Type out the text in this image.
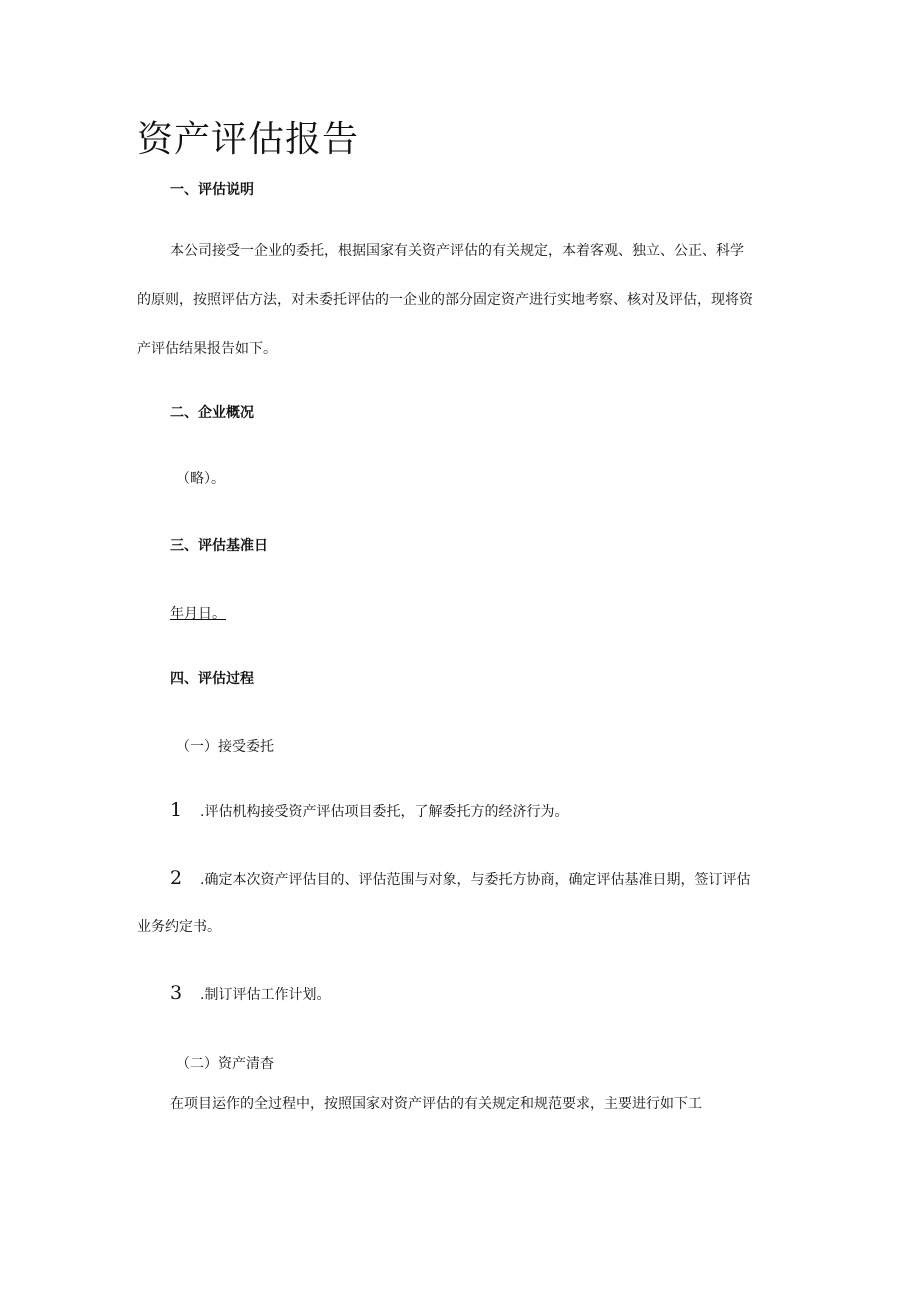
资产评估报告
一、评估说明
本公司接受一企业的委托，根据国家有关资产评估的有关规定，本着客观、独立、公正、科学
的原则，按照评估方法，对未委托评估的一企业的部分固定资产进行实地考察、核对及评估，现将资
产评估结果报告如下。
二、企业概况
（略）。
三、评估基准日
年月日。
四、评估过程
（一）接受委托
1 .评估机构接受资产评估项目委托，了解委托方的经济行为。
2 .确定本次资产评估目的、评估范围与对象，与委托方协商，确定评估基准日期，签订评估
业务约定书。
3 .制订评估工作计划。
（二）资产清杳
在项目运作的全过程中，按照国家对资产评估的有关规定和规范要求，主要进行如下工
